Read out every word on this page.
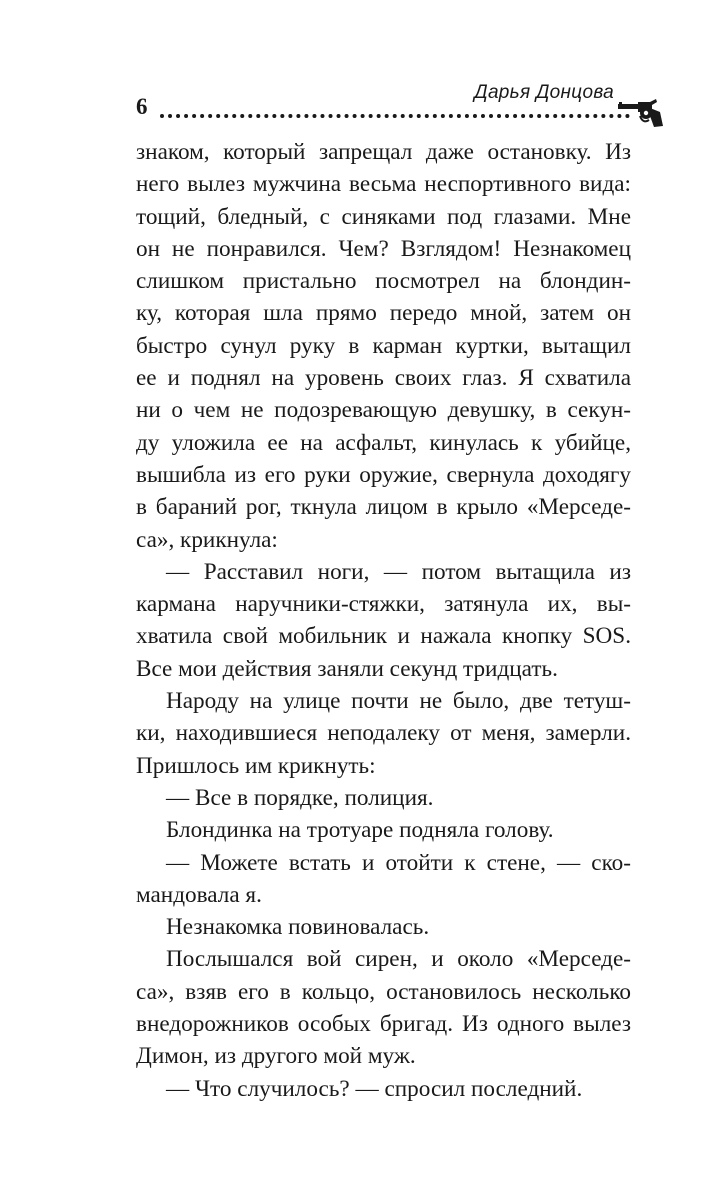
6
Дарья Донцова
знаком, который запрещал даже остановку. Из
него вылез мужчина весьма неспортивного вида:
тощий, бледный, с синяками под глазами. Мне
он не понравился. Чем? Взглядом! Незнакомец
слишком пристально посмотрел на блондин-
ку, которая шла прямо передо мной, затем он
быстро сунул руку в карман куртки, вытащил
ее и поднял на уровень своих глаз. Я схватила
ни о чем не подозревающую девушку, в секун-
ду уложила ее на асфальт, кинулась к убийце,
вышибла из его руки оружие, свернула доходягу
в бараний рог, ткнула лицом в крыло «Мерседе-
са», крикнула:
— Расставил ноги, — потом вытащила из
кармана наручники-стяжки, затянула их, вы-
хватила свой мобильник и нажала кнопку SOS.
Все мои действия заняли секунд тридцать.
Народу на улице почти не было, две тетуш-
ки, находившиеся неподалеку от меня, замерли.
Пришлось им крикнуть:
— Все в порядке, полиция.
Блондинка на тротуаре подняла голову.
— Можете встать и отойти к стене, — ско-
мандовала я.
Незнакомка повиновалась.
Послышался вой сирен, и около «Мерседе-
са», взяв его в кольцо, остановилось несколько
внедорожников особых бригад. Из одного вылез
Димон, из другого мой муж.
— Что случилось? — спросил последний.
